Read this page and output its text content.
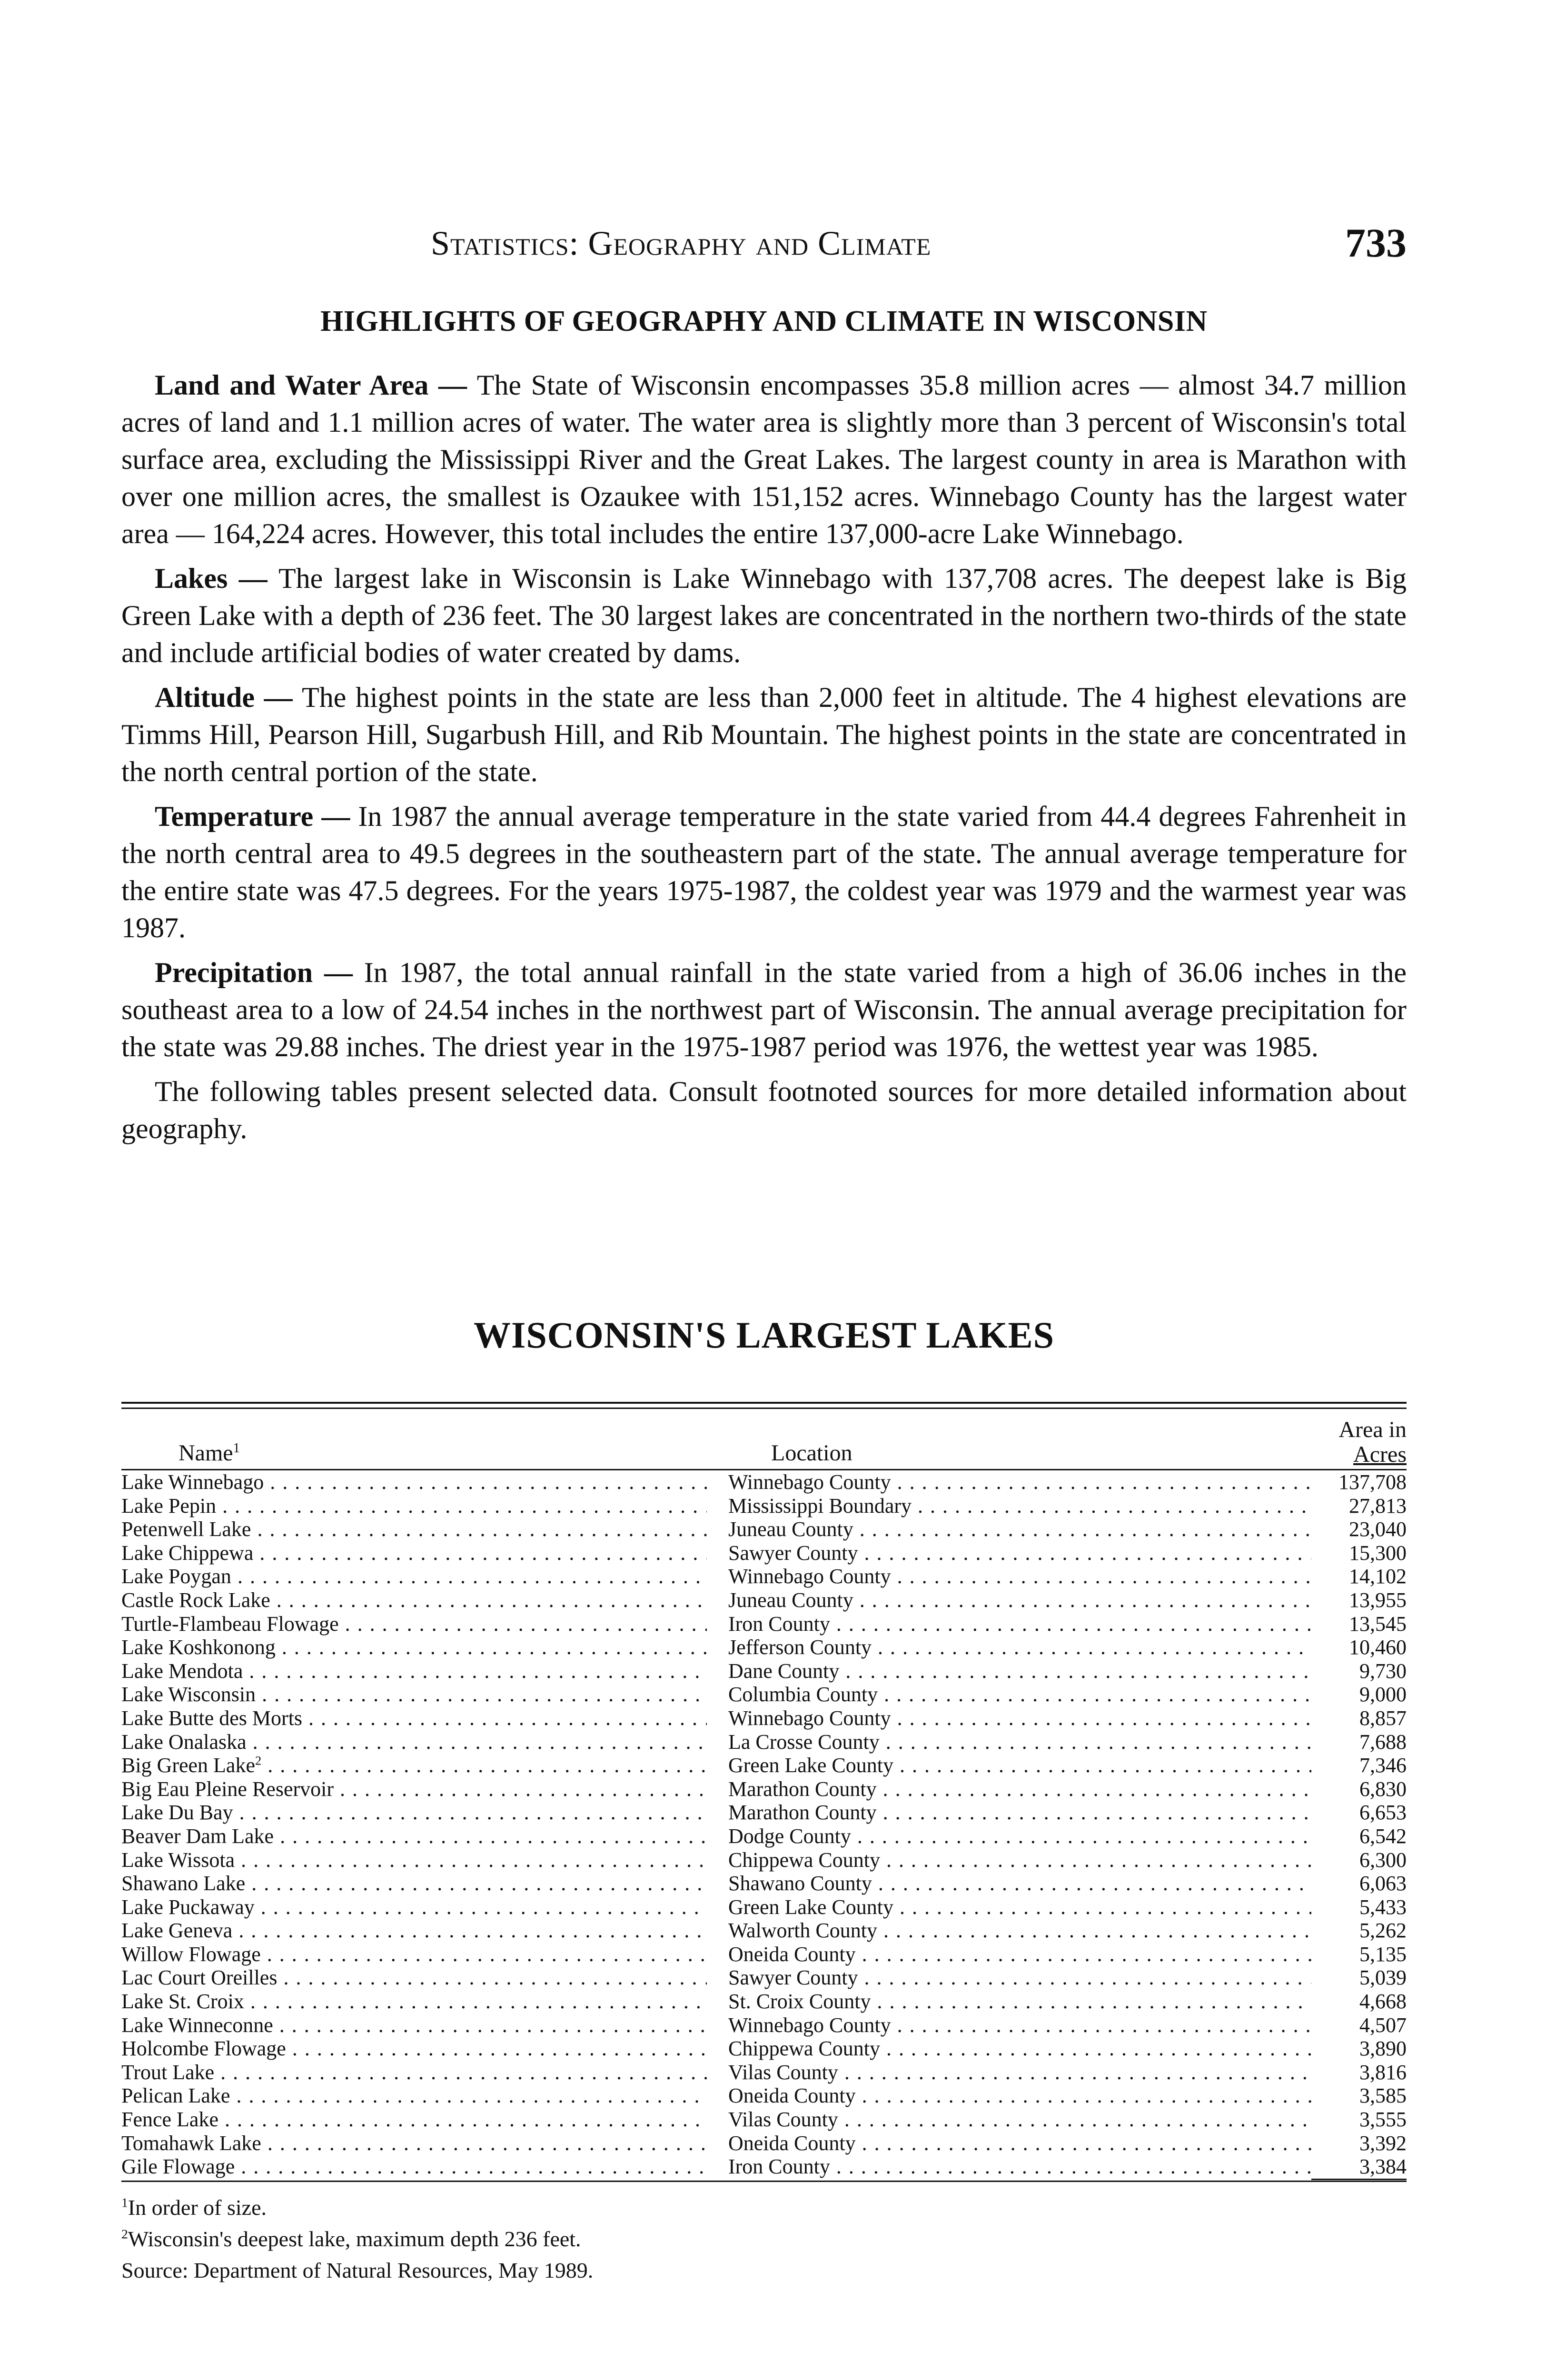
Statistics: Geography and Climate	733
HIGHLIGHTS OF GEOGRAPHY AND CLIMATE IN WISCONSIN

Land and Water Area — The State of Wisconsin encompasses 35.8 million acres — almost 34.7 million acres of land and 1.1 million acres of water. The water area is slightly more than 3 percent of Wisconsin's total surface area, excluding the Mississippi River and the Great Lakes. The largest county in area is Marathon with over one million acres, the smallest is Ozaukee with 151,152 acres. Winnebago County has the largest water area — 164,224 acres. However, this total includes the entire 137,000-acre Lake Winnebago.

Lakes — The largest lake in Wisconsin is Lake Winnebago with 137,708 acres. The deepest lake is Big Green Lake with a depth of 236 feet. The 30 largest lakes are concentrated in the northern two-thirds of the state and include artificial bodies of water created by dams.

Altitude — The highest points in the state are less than 2,000 feet in altitude. The 4 highest elevations are Timms Hill, Pearson Hill, Sugarbush Hill, and Rib Mountain. The highest points in the state are concentrated in the north central portion of the state.

Temperature — In 1987 the annual average temperature in the state varied from 44.4 degrees Fahrenheit in the north central area to 49.5 degrees in the southeastern part of the state. The annual average temperature for the entire state was 47.5 degrees. For the years 1975-1987, the coldest year was 1979 and the warmest year was 1987.

Precipitation — In 1987, the total annual rainfall in the state varied from a high of 36.06 inches in the southeast area to a low of 24.54 inches in the northwest part of Wisconsin. The annual average precipitation for the state was 29.88 inches. The driest year in the 1975-1987 period was 1976, the wettest year was 1985.

The following tables present selected data. Consult footnoted sources for more detailed information about geography.

WISCONSIN'S LARGEST LAKES
Name$^1$	Location
Area in
Acres
Lake Winnebago . . .	Winnebago County . . .	137,708
Lake Pepin . . .	Mississippi Boundary . . .	27,813
Petenwell Lake . . .	Juneau County . . .	23,040
Lake Chippewa . . .	Sawyer County . . .	15,300
Lake Poygan . . .	Winnebago County . . .	14,102
Castle Rock Lake . . .	Juneau County . . .	13,955
Turtle-Flambeau Flowage . . .	Iron County . . .	13,545
Lake Koshkonong . . .	Jefferson County . . .	10,460
Lake Mendota . . .	Dane County . . .	9,730
Lake Wisconsin . . .	Columbia County . . .	9,000
Lake Butte des Morts . . .	Winnebago County . . .	8,857
Lake Onalaska . . .	La Crosse County . . .	7,688
Big Green Lake$^2$ . . .	Green Lake County . . .	7,346
Big Eau Pleine Reservoir . . .	Marathon County . . .	6,830
Lake Du Bay . . .	Marathon County . . .	6,653
Beaver Dam Lake . . .	Dodge County . . .	6,542
Lake Wissota . . .	Chippewa County . . .	6,300
Shawano Lake . . .	Shawano County . . .	6,063
Lake Puckaway . . .	Green Lake County . . .	5,433
Lake Geneva . . .	Walworth County . . .	5,262
Willow Flowage . . .	Oneida County . . .	5,135
Lac Court Oreilles . . .	Sawyer County . . .	5,039
Lake St. Croix . . .	St. Croix County . . .	4,668
Lake Winneconne . . .	Winnebago County . . .	4,507
Holcombe Flowage . . .	Chippewa County . . .	3,890
Trout Lake . . .	Vilas County . . .	3,816
Pelican Lake . . .	Oneida County . . .	3,585
Fence Lake . . .	Vilas County . . .	3,555
Tomahawk Lake . . .	Oneida County . . .	3,392
Gile Flowage . . .	Iron County . . .	3,384
$^1$In order of size.
$^2$Wisconsin's deepest lake, maximum depth 236 feet.
Source: Department of Natural Resources, May 1989.
